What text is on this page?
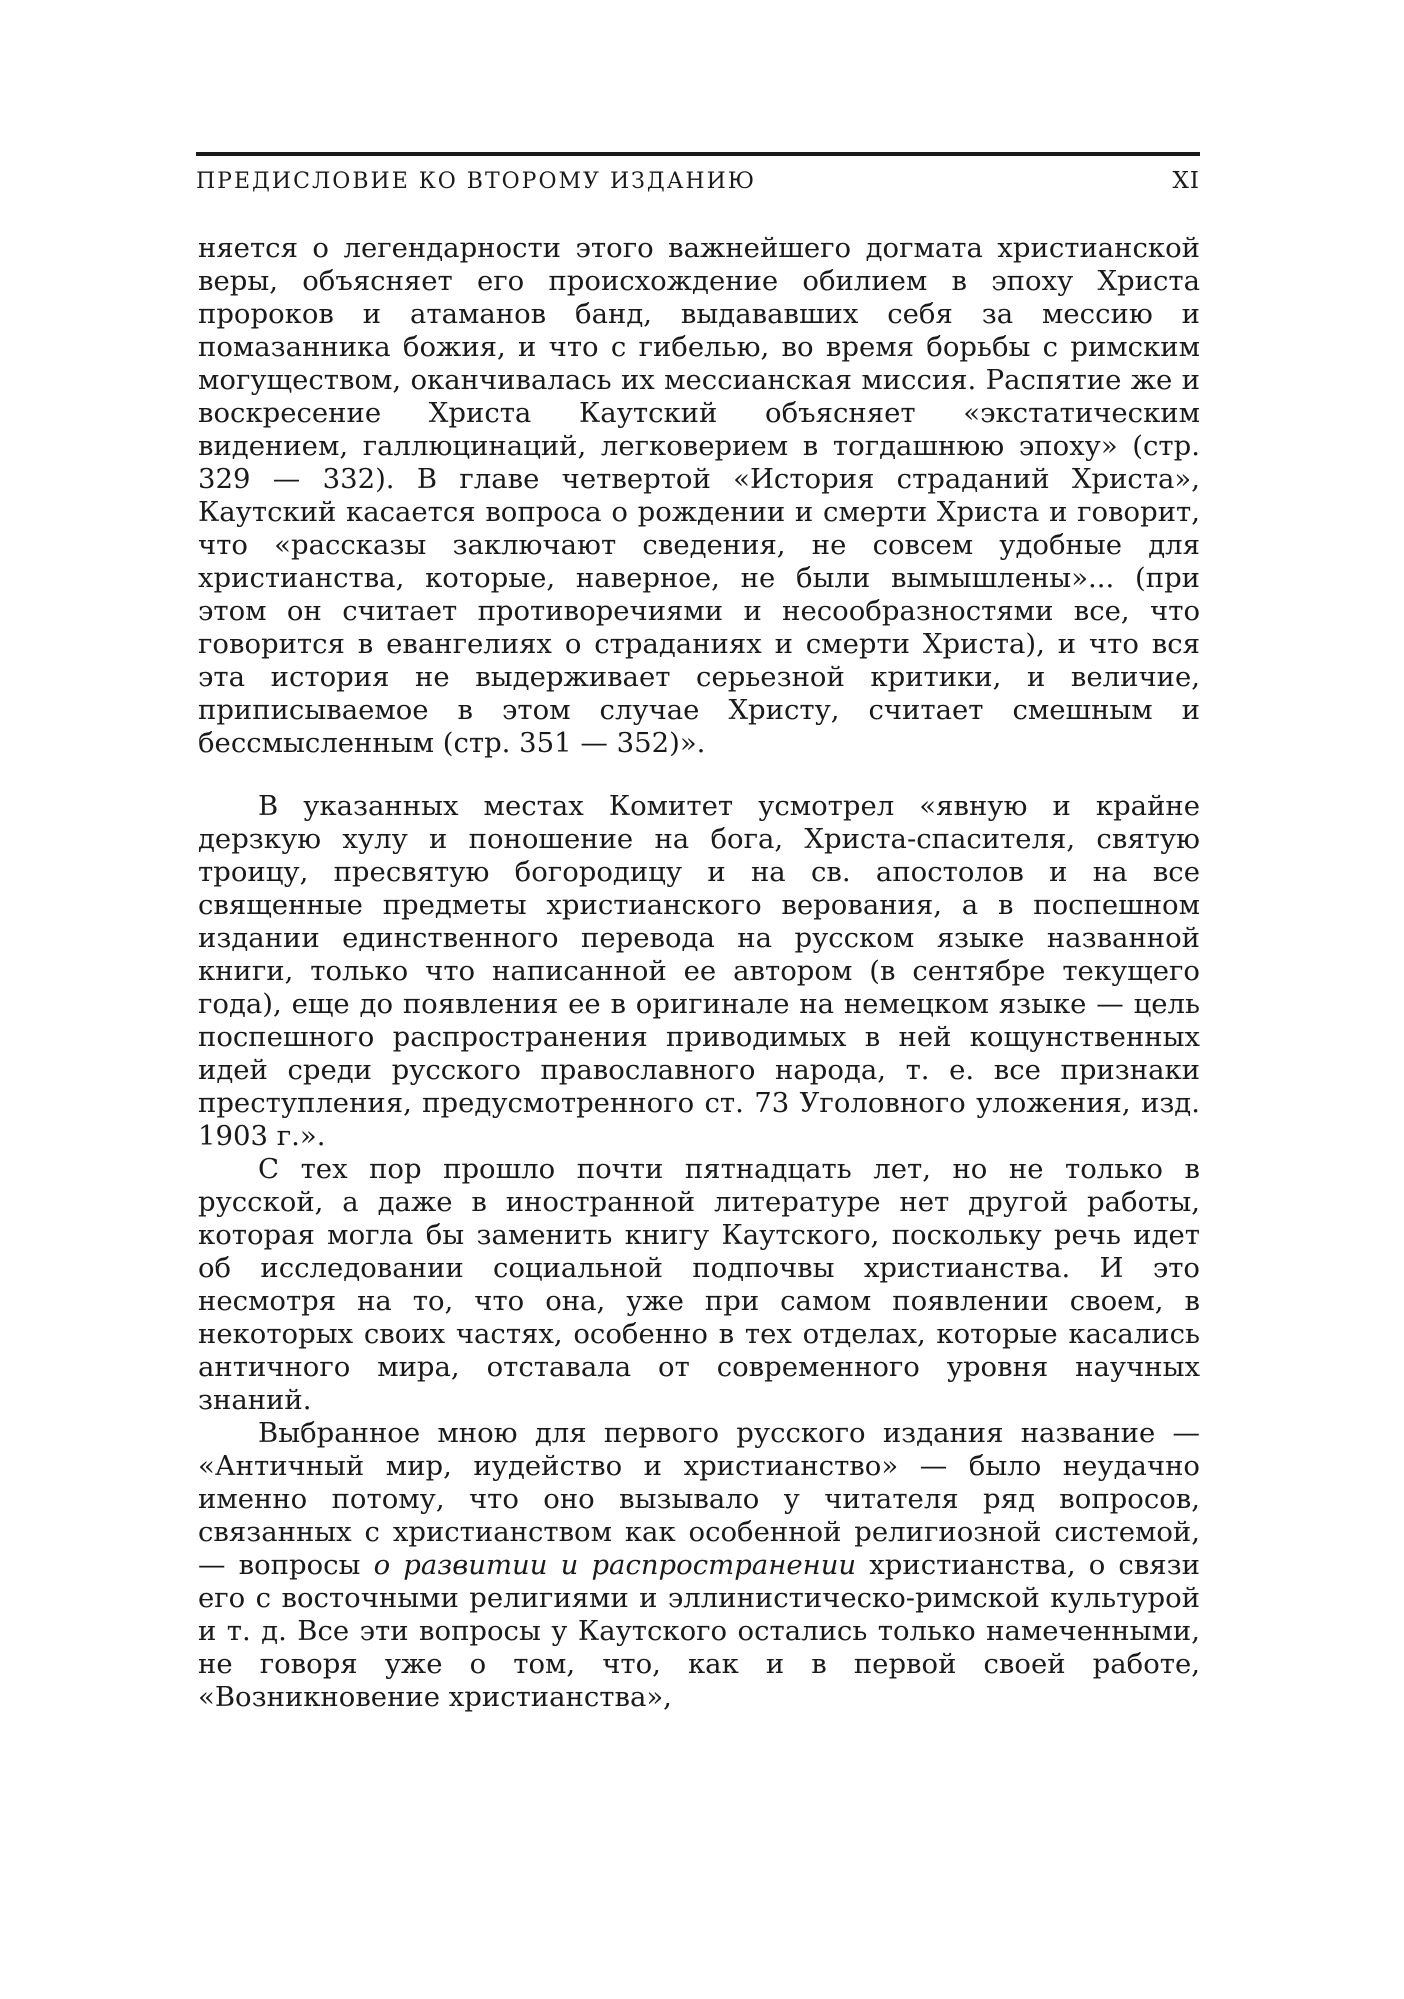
ПРЕДИСЛОВИЕ КО ВТОРОМУ ИЗДАНИЮ	XI

няется о легендарности этого важнейшего догмата христианской веры, объясняет его происхождение обилием в эпоху Христа пророков и атаманов банд, выдававших себя за мессию и помазанника божия, и что с гибелью, во время борьбы с римским могуществом, оканчивалась их мессианская миссия. Распятие же и воскресение Христа Каутский объясняет «экстатическим видением, галлюцинаций, легковерием в тогдашнюю эпоху» (стр. 329 — 332). В главе четвертой «История страданий Христа», Каутский касается вопроса о рождении и смерти Христа и говорит, что «рассказы заключают сведения, не совсем удобные для христианства, которые, наверное, не были вымышлены»... (при этом он считает противоречиями и несообразностями все, что говорится в евангелиях о страданиях и смерти Христа), и что вся эта история не выдерживает серьезной критики, и величие, приписываемое в этом случае Христу, считает смешным и бессмысленным (стр. 351 — 352)».

В указанных местах Комитет усмотрел «явную и крайне дерзкую хулу и поношение на бога, Христа-спасителя, святую троицу, пресвятую богородицу и на св. апостолов и на все священные предметы христианского верования, а в поспешном издании единственного перевода на русском языке названной книги, только что написанной ее автором (в сентябре текущего года), еще до появления ее в оригинале на немецком языке — цель поспешного распространения приводимых в ней кощунственных идей среди русского православного народа, т. е. все признаки преступления, предусмотренного ст. 73 Уголовного уложения, изд. 1903 г.».

С тех пор прошло почти пятнадцать лет, но не только в русской, а даже в иностранной литературе нет другой работы, которая могла бы заменить книгу Каутского, поскольку речь идет об исследовании социальной подпочвы христианства. И это несмотря на то, что она, уже при самом появлении своем, в некоторых своих частях, особенно в тех отделах, которые касались античного мира, отставала от современного уровня научных знаний.

Выбранное мною для первого русского издания название — «Античный мир, иудейство и христианство» — было неудачно именно потому, что оно вызывало у читателя ряд вопросов, связанных с христианством как особенной религиозной системой, — вопросы о развитии и распространении христианства, о связи его с восточными религиями и эллинистическо-римской культурой и т. д. Все эти вопросы у Каутского остались только намеченными, не говоря уже о том, что, как и в первой своей работе, «Возникновение христианства»,
